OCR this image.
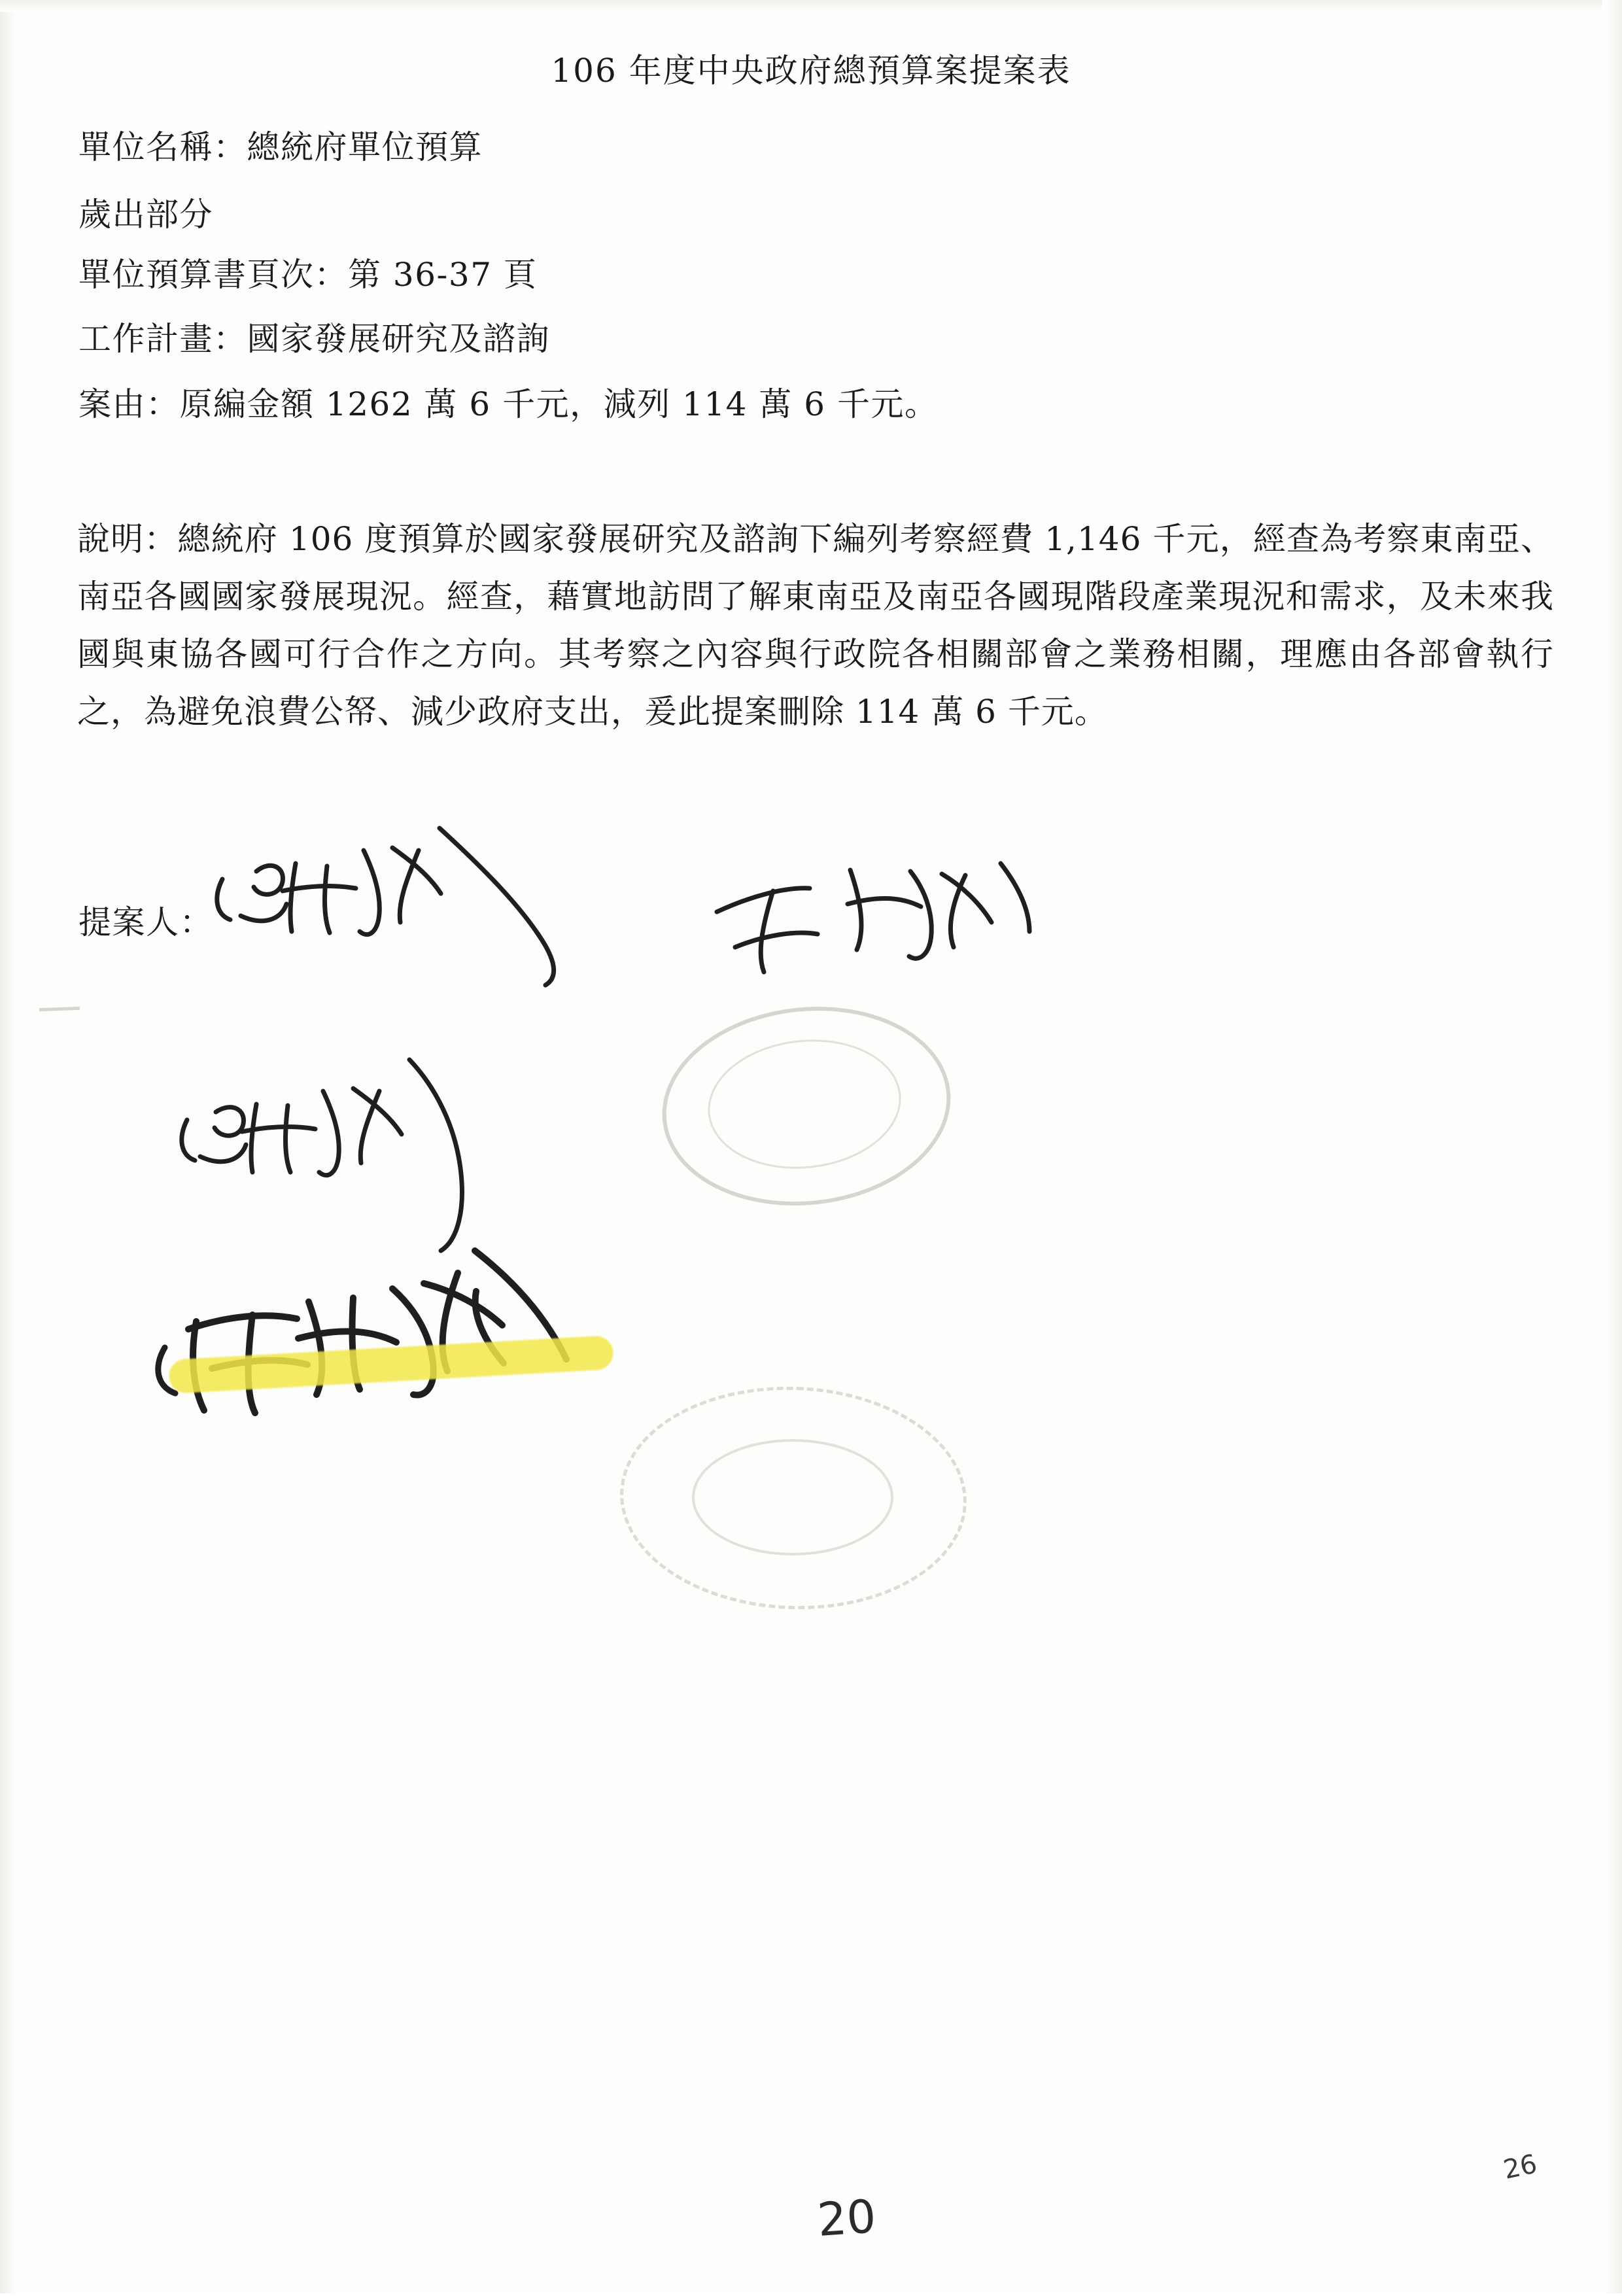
106 年度中央政府總預算案提案表
單位名稱：總統府單位預算
歲出部分
單位預算書頁次：第 36-37 頁
工作計畫：國家發展研究及諮詢
案由：原編金額 1262 萬 6 千元，減列 114 萬 6 千元。
說明：總統府 106 度預算於國家發展研究及諮詢下編列考察經費 1,146 千元，經查為考察東南亞、南亞各國國家發展現況。經查，藉實地訪問了解東南亞及南亞各國現階段產業現況和需求，及未來我國與東協各國可行合作之方向。其考察之內容與行政院各相關部會之業務相關，理應由各部會執行之，為避免浪費公帑、減少政府支出，爰此提案刪除 114 萬 6 千元。
提案人：
20
26
